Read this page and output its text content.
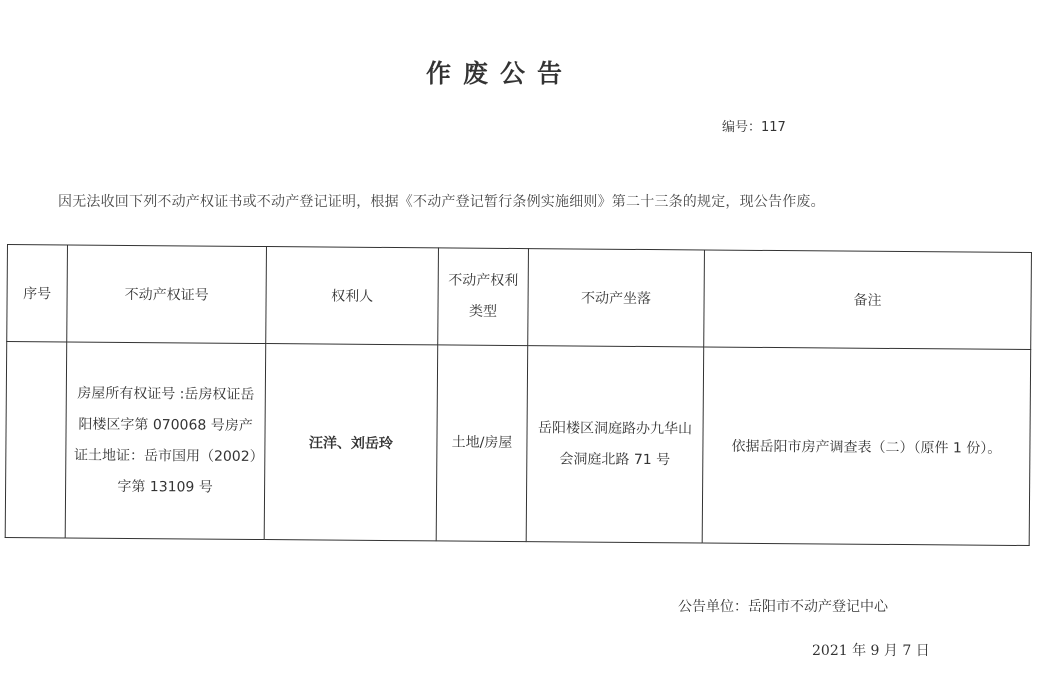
作废公告
编号：117
因无法收回下列不动产权证书或不动产登记证明，根据《不动产登记暂行条例实施细则》第二十三条的规定，现公告作废。
序号	不动产权证号	权利人	不动产权利类型	不动产坐落	备注
	房屋所有权证号 :岳房权证岳阳楼区字第 070068 号房产证土地证：岳市国用（2002）字第 13109 号	汪洋、刘岳玲	土地/房屋	岳阳楼区洞庭路办九华山会洞庭北路 71 号	依据岳阳市房产调查表（二）（原件 1 份）。
公告单位：岳阳市不动产登记中心
2021 年 9 月 7 日
